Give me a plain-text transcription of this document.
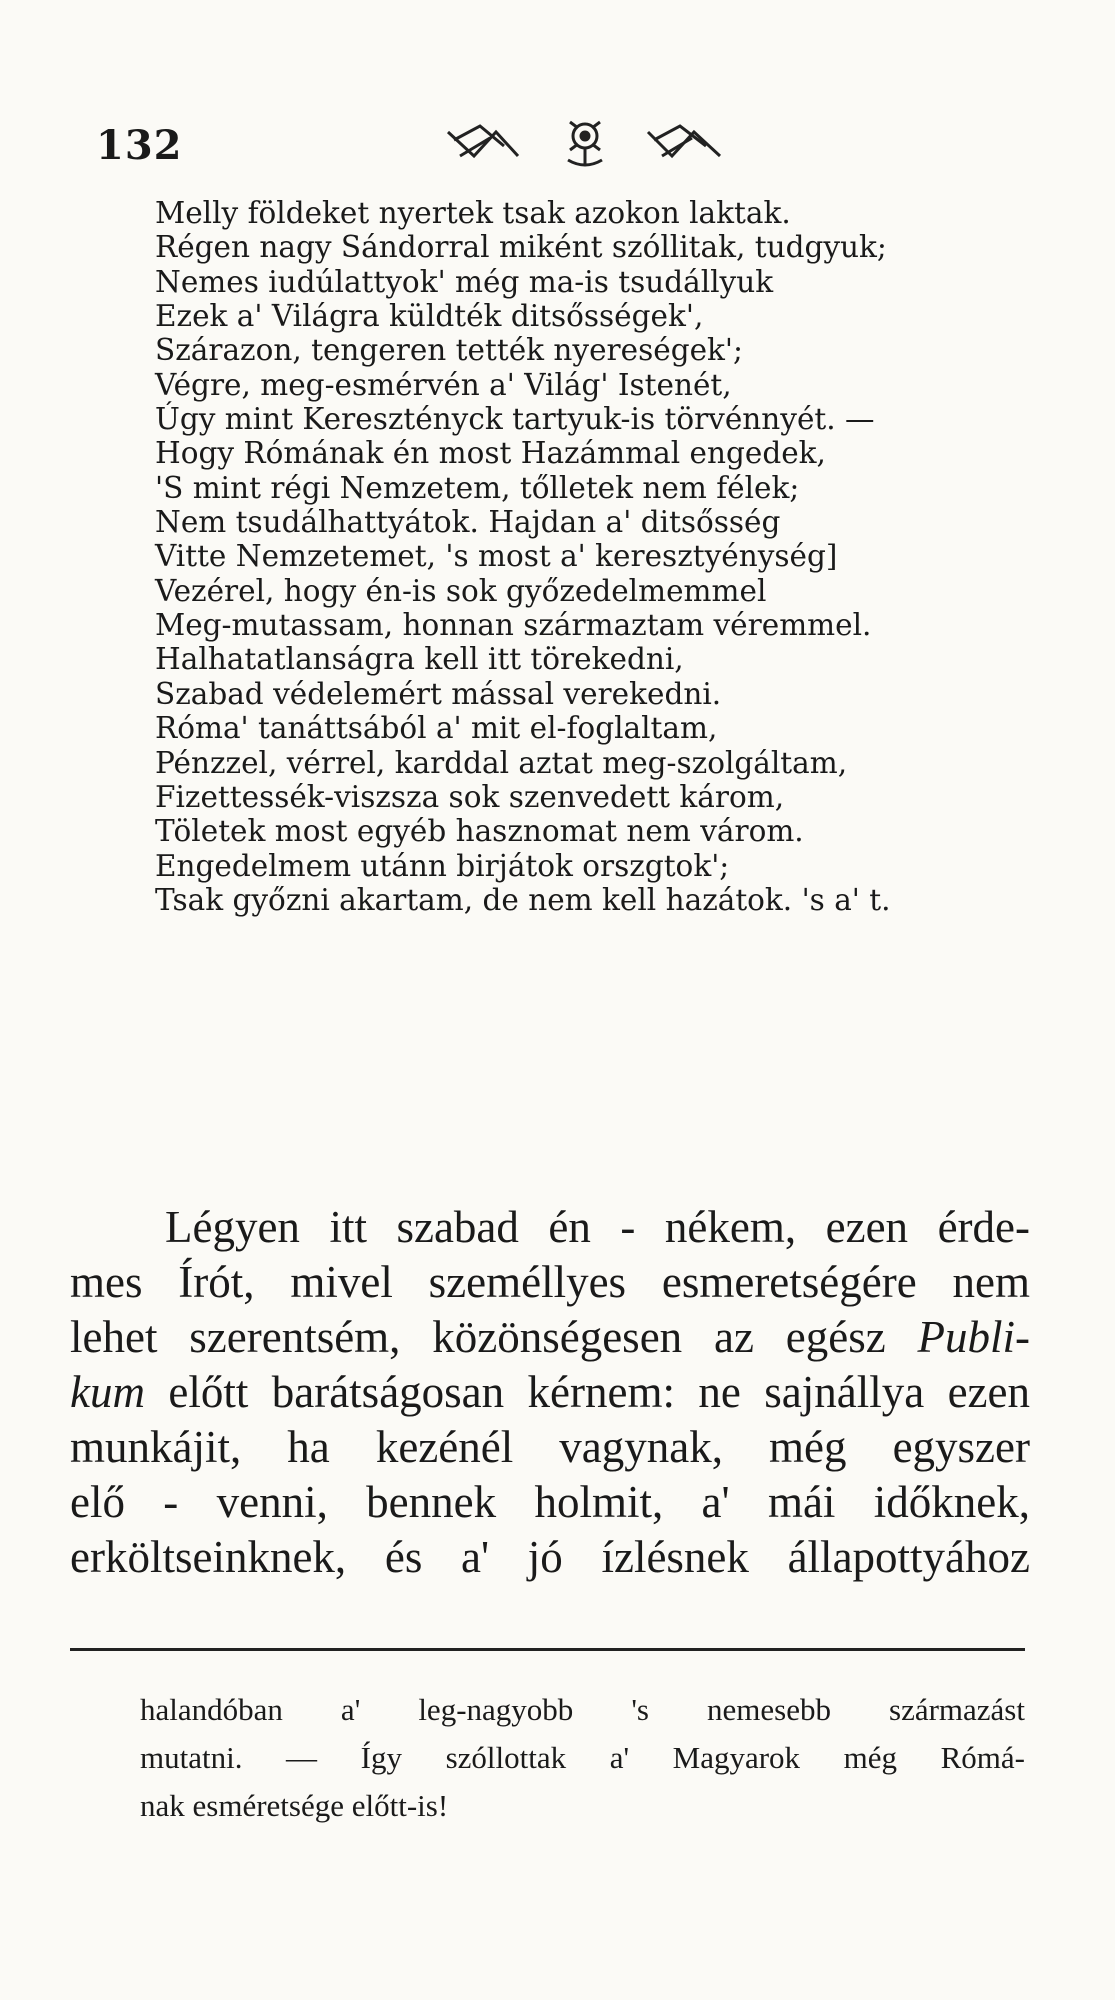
132
Melly földeket nyertek tsak azokon laktak.
Régen nagy Sándorral miként szóllitak, tudgyuk;
Nemes iudúlattyok' még ma-is tsudállyuk
Ezek a' Világra küldték ditsősségek',
Szárazon, tengeren tették nyereségek';
Végre, meg-esmérvén a' Világ' Istenét,
Úgy mint Keresztényck tartyuk-is törvénnyét. —
Hogy Rómának én most Hazámmal engedek,
'S mint régi Nemzetem, tőlletek nem félek;
Nem tsudálhattyátok. Hajdan a' ditsősség
Vitte Nemzetemet, 's most a' keresztyénység]
Vezérel, hogy én-is sok győzedelmemmel
Meg-mutassam, honnan származtam véremmel.
Halhatatlanságra kell itt törekedni,
Szabad védelemért mással verekedni.
Róma' tanáttsából a' mit el-foglaltam,
Pénzzel, vérrel, karddal aztat meg-szolgáltam,
Fizettessék-viszsza sok szenvedett károm,
Töletek most egyéb hasznomat nem várom.
Engedelmem utánn birjátok orszgtok';
Tsak győzni akartam, de nem kell hazátok. 's a' t.
Légyen itt szabad én - nékem, ezen érde-
mes Írót, mivel személlyes esmeretségére nem
lehet szerentsém, közönségesen az egész Publi-
kum előtt barátságosan kérnem: ne sajnállya ezen
munkájit, ha kezénél vagynak, még egyszer
elő - venni, bennek holmit, a' mái időknek,
erköltseinknek, és a' jó ízlésnek állapottyához
halandóban a' leg-nagyobb 's nemesebb származást
mutatni. — Így szóllottak a' Magyarok még Rómá-
nak esméretsége előtt-is!
